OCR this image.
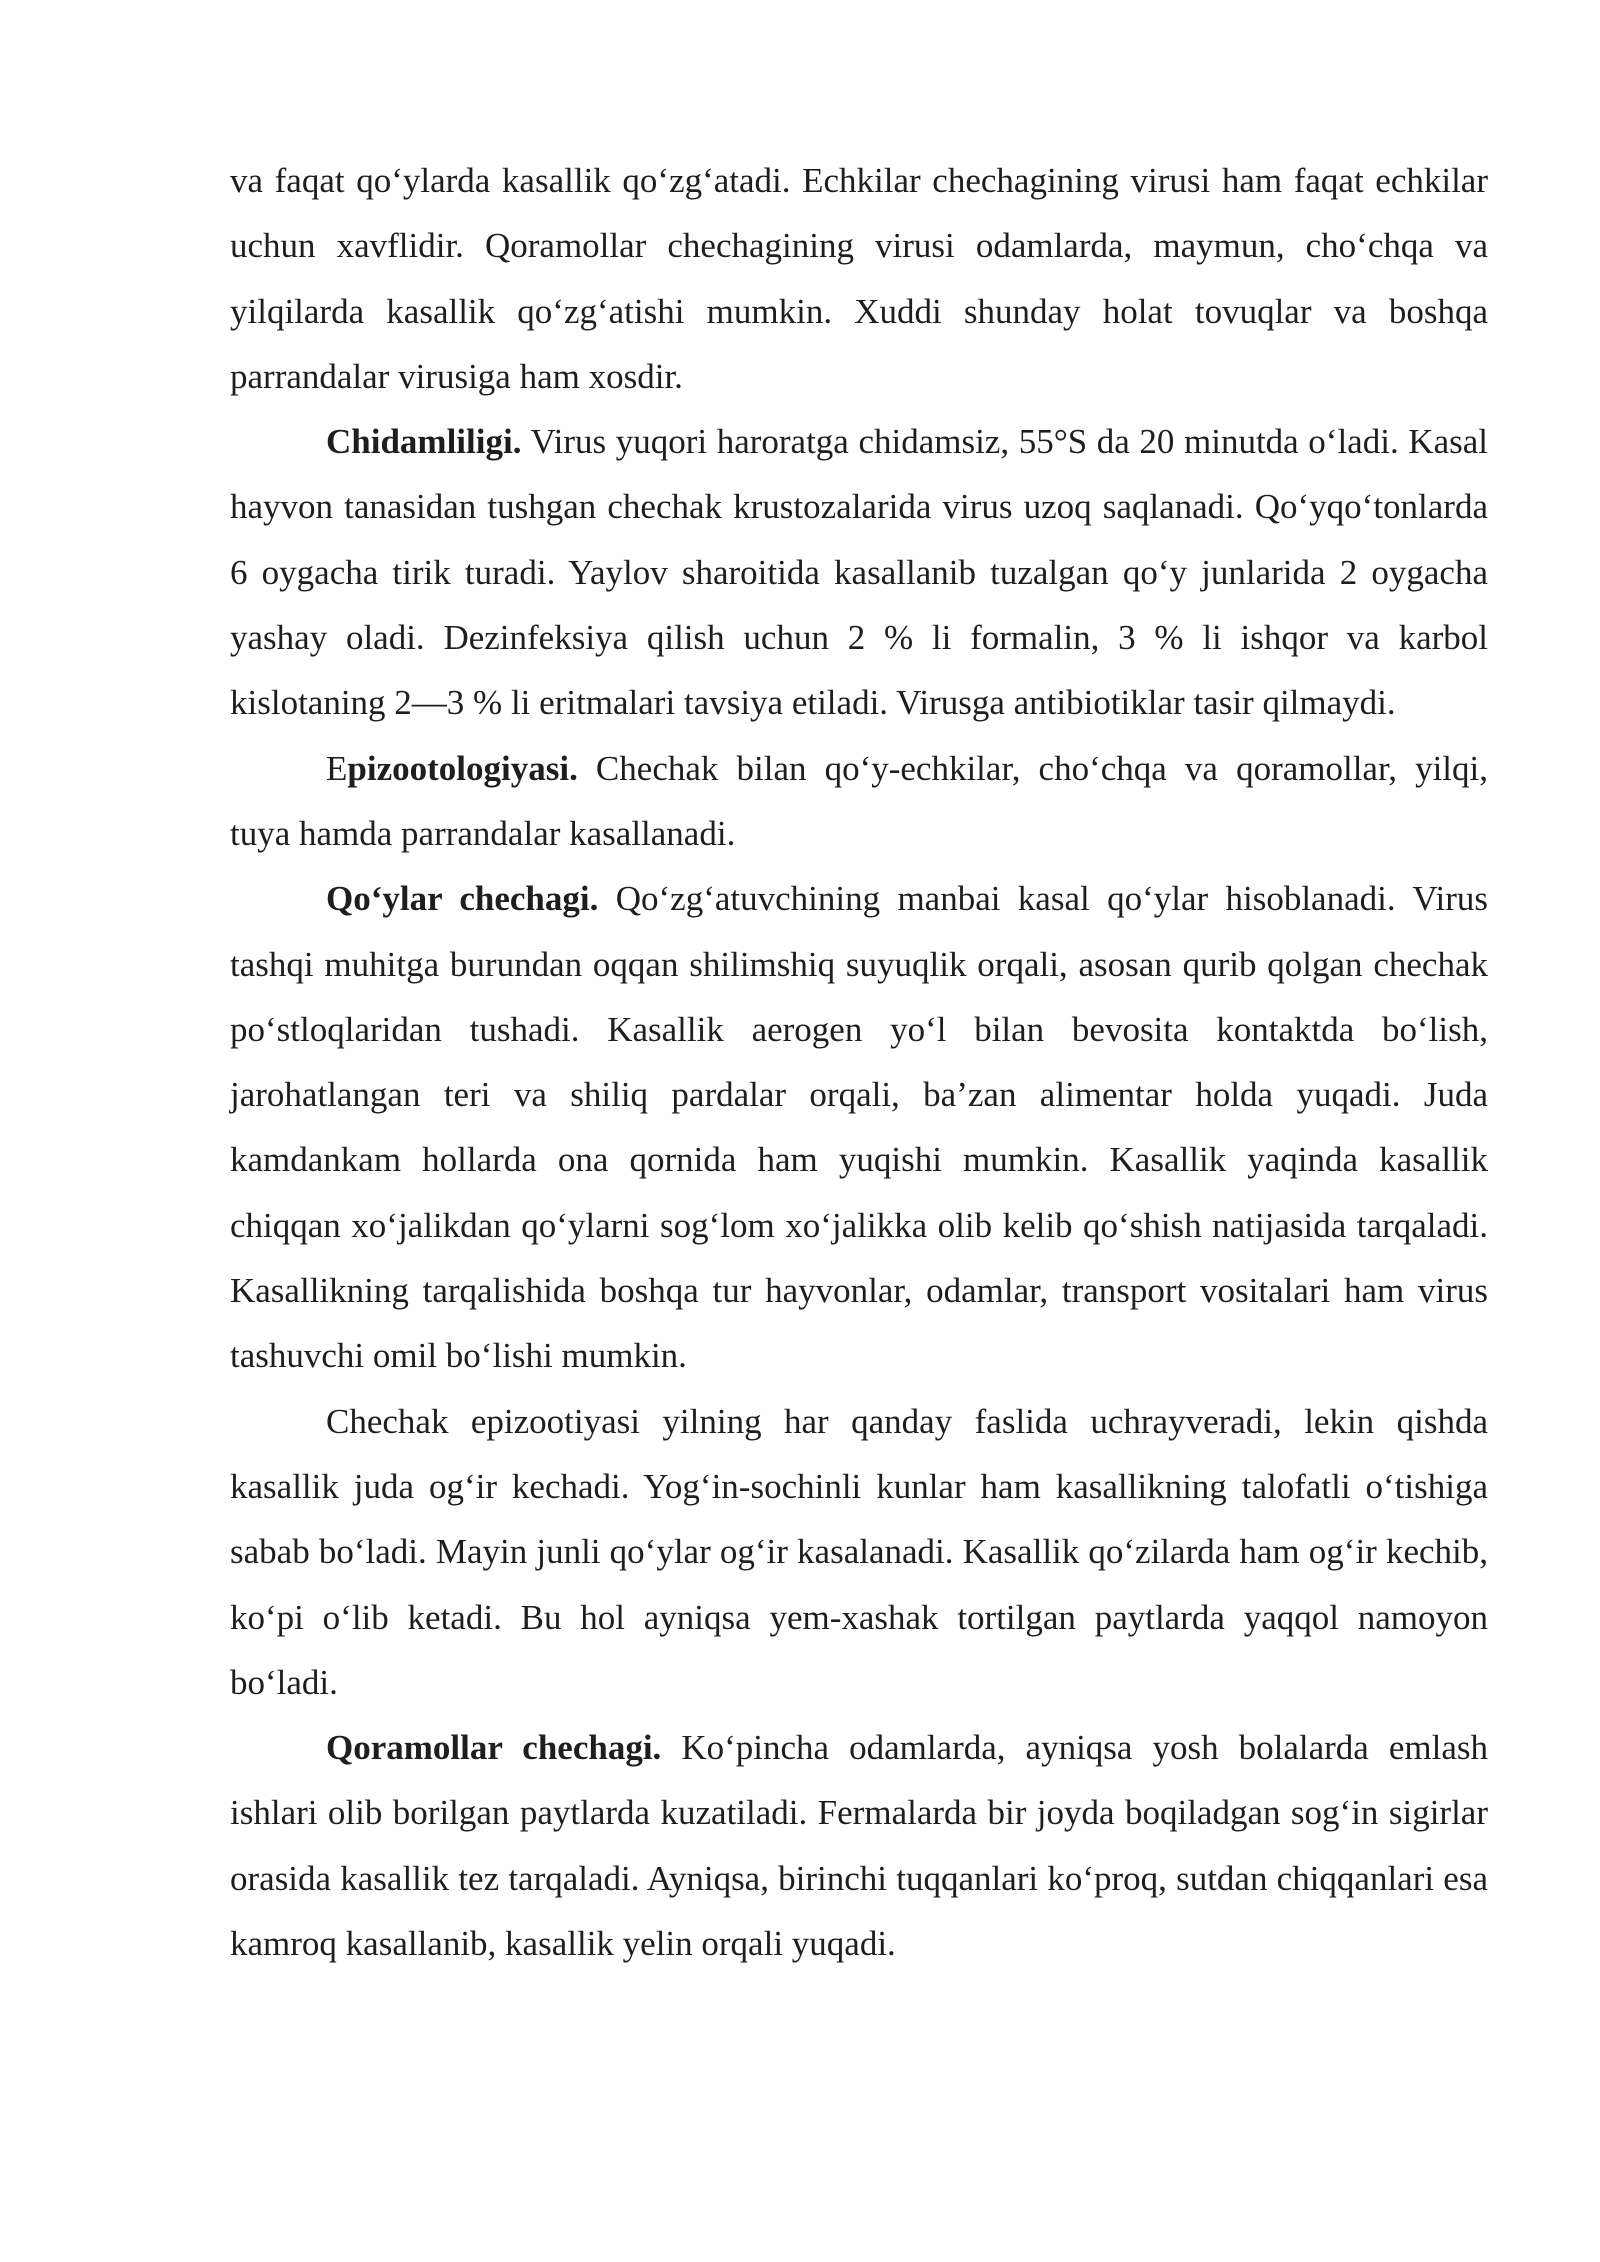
va faqat qo‘ylarda kasallik qo‘zg‘atadi. Echkilar chechagining virusi ham faqat echkilar uchun xavflidir. Qoramollar chechagining virusi odamlarda, maymun, cho‘chqa va yilqilarda kasallik qo‘zg‘atishi mumkin. Xuddi shunday holat tovuqlar va boshqa parrandalar virusiga ham xosdir.

Chidamliligi. Virus yuqori haroratga chidamsiz, 55°S da 20 minutda o‘ladi. Kasal hayvon tanasidan tushgan chechak krustozalarida virus uzoq saqlanadi. Qo‘yqo‘tonlarda 6 oygacha tirik turadi. Yaylov sharoitida kasallanib tuzalgan qo‘y junlarida 2 oygacha yashay oladi. Dezinfeksiya qilish uchun 2 % li formalin, 3 % li ishqor va karbol kislotaning 2—3 % li eritmalari tavsiya etiladi. Virusga antibiotiklar tasir qilmaydi.

Epizootologiyasi. Chechak bilan qo‘y-echkilar, cho‘chqa va qoramollar, yilqi, tuya hamda parrandalar kasallanadi.

Qo‘ylar chechagi. Qo‘zg‘atuvchining manbai kasal qo‘ylar hisoblanadi. Virus tashqi muhitga burundan oqqan shilimshiq suyuqlik orqali, asosan qurib qolgan chechak po‘stloqlaridan tushadi. Kasallik aerogen yo‘l bilan bevosita kontaktda bo‘lish, jarohatlangan teri va shiliq pardalar orqali, ba’zan alimentar holda yuqadi. Juda kamdankam hollarda ona qornida ham yuqishi mumkin. Kasallik yaqinda kasallik chiqqan xo‘jalikdan qo‘ylarni sog‘lom xo‘jalikka olib kelib qo‘shish natijasida tarqaladi. Kasallikning tarqalishida boshqa tur hayvonlar, odamlar, transport vositalari ham virus tashuvchi omil bo‘lishi mumkin.

Chechak epizootiyasi yilning har qanday faslida uchrayveradi, lekin qishda kasallik juda og‘ir kechadi. Yog‘in-sochinli kunlar ham kasallikning talofatli o‘tishiga sabab bo‘ladi. Mayin junli qo‘ylar og‘ir kasalanadi. Kasallik qo‘zilarda ham og‘ir kechib, ko‘pi o‘lib ketadi. Bu hol ayniqsa yem-xashak tortilgan paytlarda yaqqol namoyon bo‘ladi.

Qoramollar chechagi. Ko‘pincha odamlarda, ayniqsa yosh bolalarda emlash ishlari olib borilgan paytlarda kuzatiladi. Fermalarda bir joyda boqiladgan sog‘in sigirlar orasida kasallik tez tarqaladi. Ayniqsa, birinchi tuqqanlari ko‘proq, sutdan chiqqanlari esa kamroq kasallanib, kasallik yelin orqali yuqadi.
